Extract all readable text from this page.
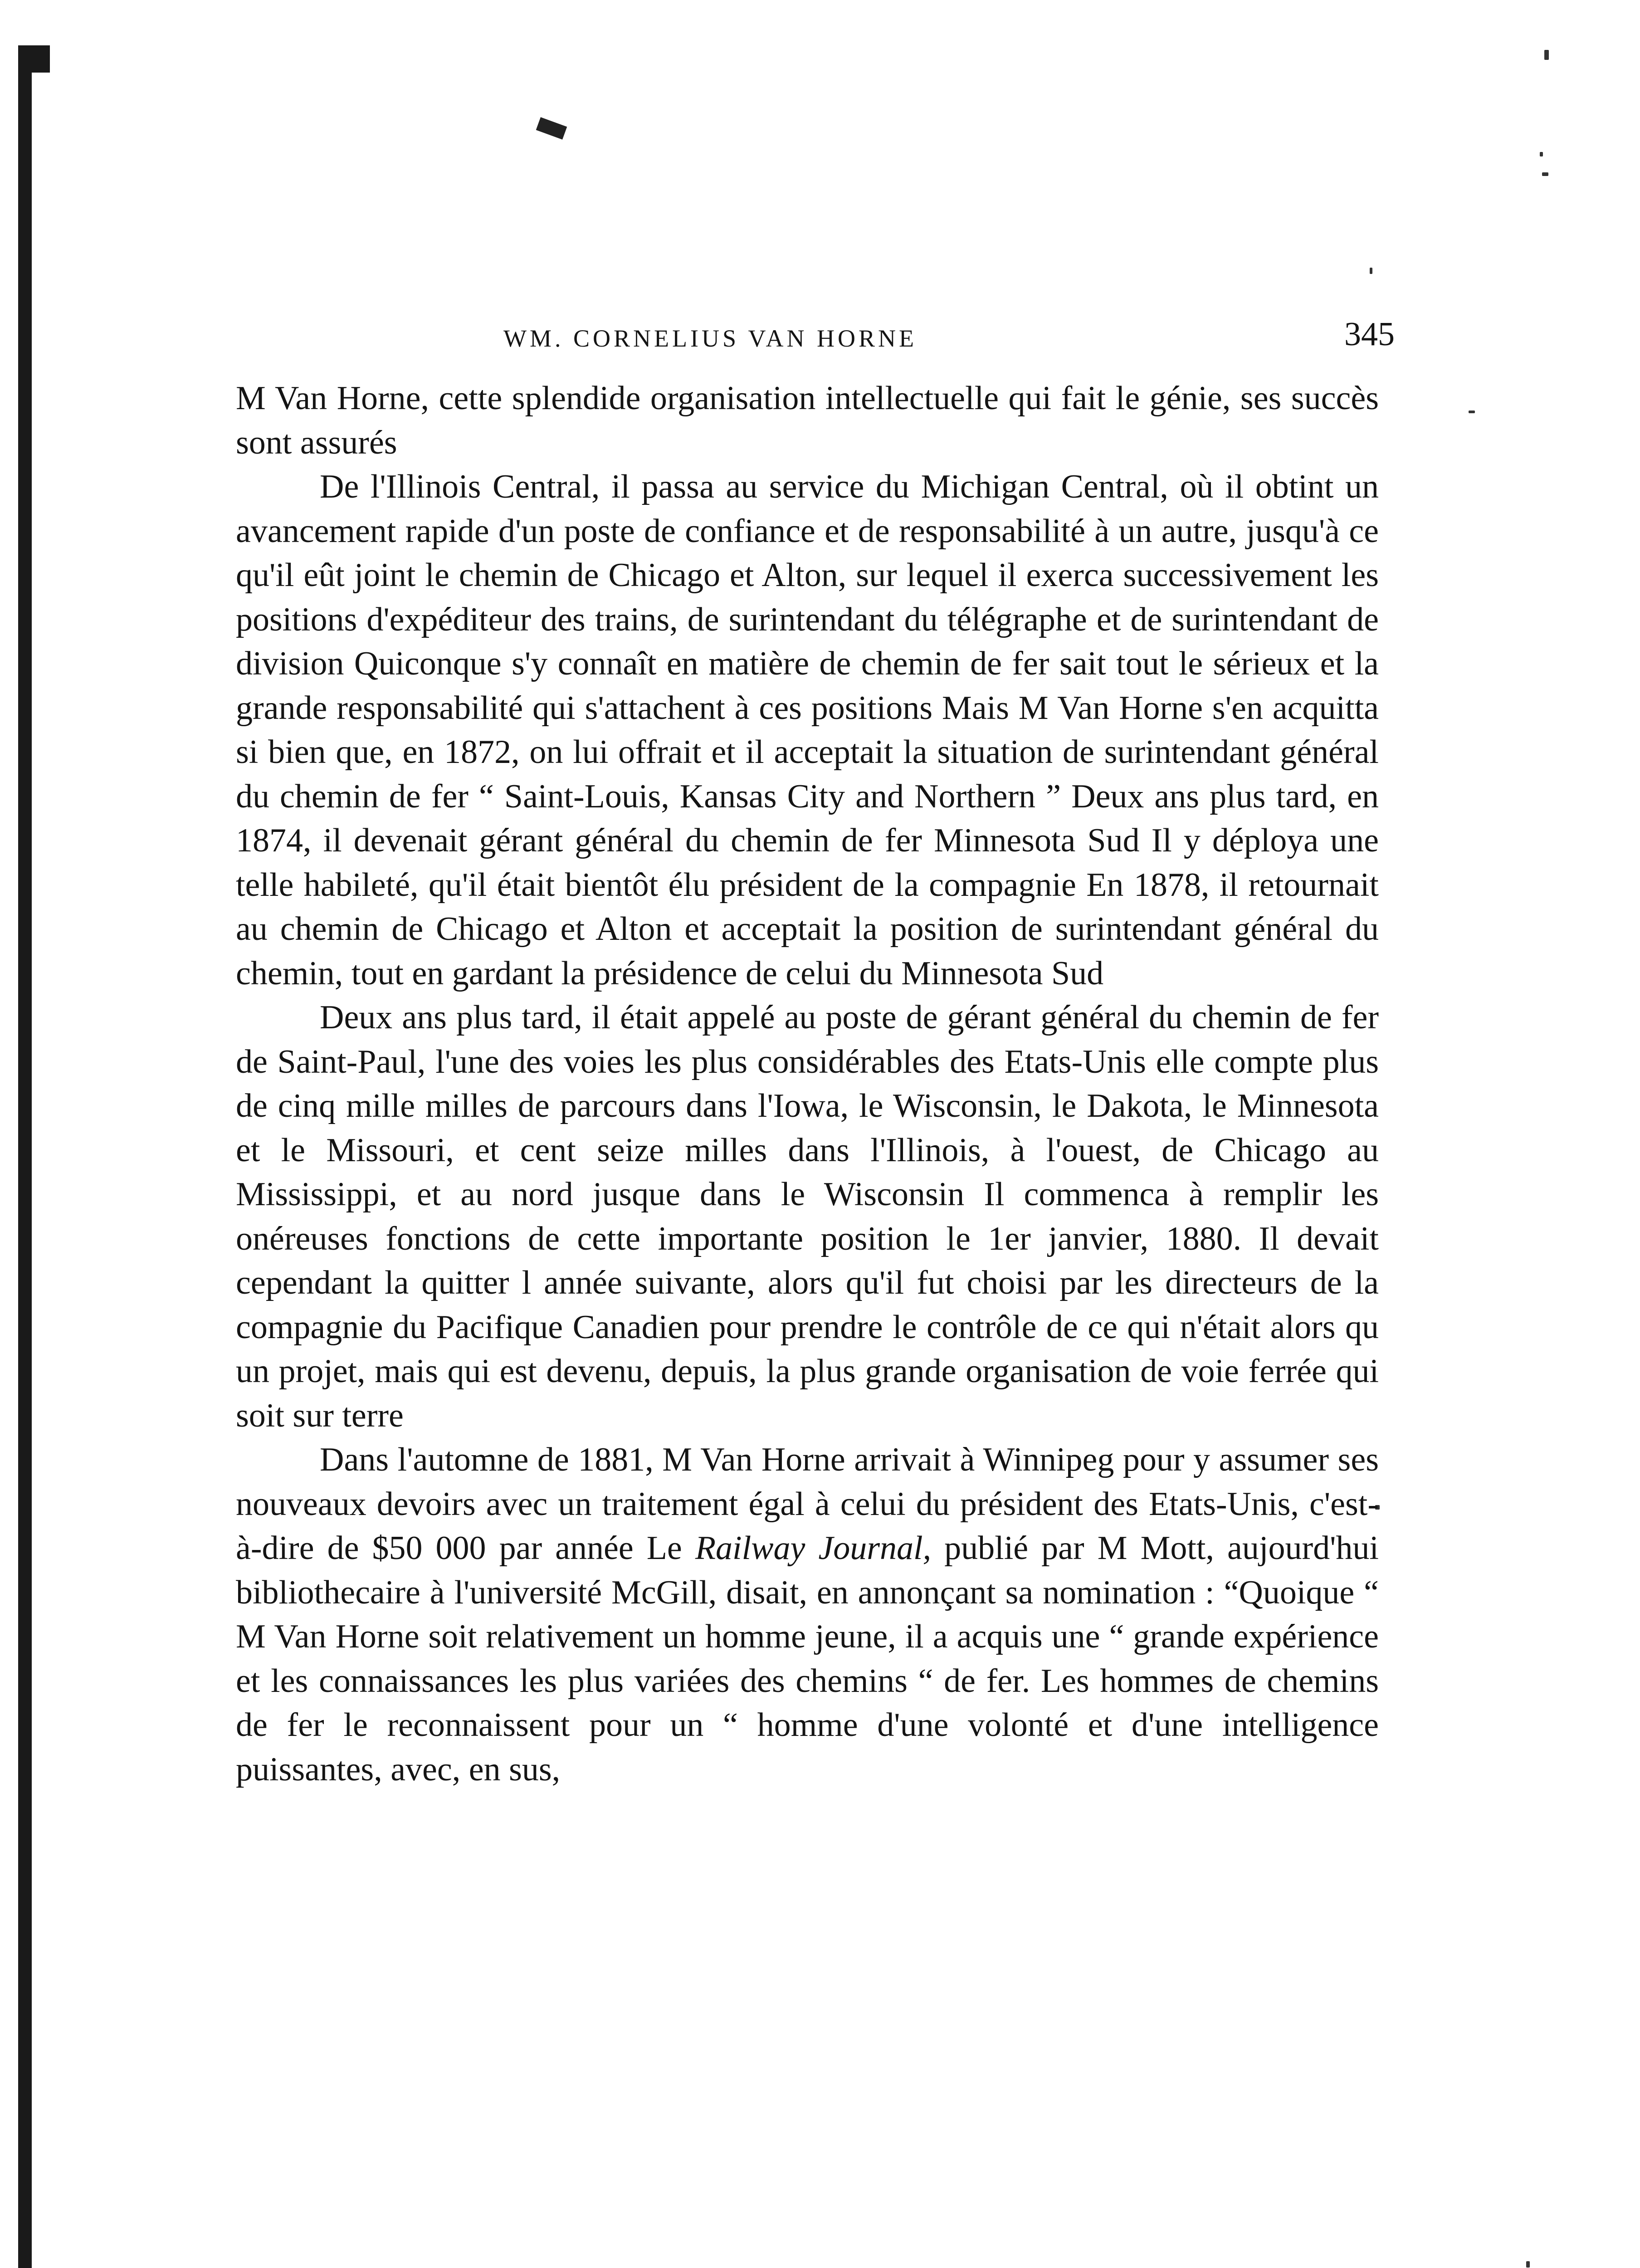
WM. CORNELIUS VAN HORNE	345

M Van Horne, cette splendide organisation intellectuelle qui fait le génie, ses succès sont assurés

De l'Illinois Central, il passa au service du Michigan Central, où il obtint un avancement rapide d'un poste de confiance et de responsabilité à un autre, jusqu'à ce qu'il eût joint le chemin de Chicago et Alton, sur lequel il exerca successivement les positions d'expéditeur des trains, de surintendant du télégraphe et de surintendant de division Quiconque s'y connaît en matière de chemin de fer sait tout le sérieux et la grande responsabilité qui s'attachent à ces positions Mais M Van Horne s'en acquitta si bien que, en 1872, on lui offrait et il acceptait la situation de surintendant général du chemin de fer “ Saint-Louis, Kansas City and Northern ” Deux ans plus tard, en 1874, il devenait gérant général du chemin de fer Minnesota Sud Il y déploya une telle habileté, qu'il était bientôt élu président de la compagnie En 1878, il retournait au chemin de Chicago et Alton et acceptait la position de surintendant général du chemin, tout en gardant la présidence de celui du Minnesota Sud

Deux ans plus tard, il était appelé au poste de gérant général du chemin de fer de Saint-Paul, l'une des voies les plus considérables des Etats-Unis elle compte plus de cinq mille milles de parcours dans l'Iowa, le Wisconsin, le Dakota, le Minnesota et le Missouri, et cent seize milles dans l'Illinois, à l'ouest, de Chicago au Mississippi, et au nord jusque dans le Wisconsin Il commenca à remplir les onéreuses fonctions de cette importante position le 1er janvier, 1880. Il devait cependant la quitter l année suivante, alors qu'il fut choisi par les directeurs de la compagnie du Pacifique Canadien pour prendre le contrôle de ce qui n'était alors qu un projet, mais qui est devenu, depuis, la plus grande organisation de voie ferrée qui soit sur terre

Dans l'automne de 1881, M Van Horne arrivait à Winnipeg pour y assumer ses nouveaux devoirs avec un traitement égal à celui du président des Etats-Unis, c'est-à-dire de $50 000 par année Le Railway Journal, publié par M Mott, aujourd'hui bibliothecaire à l'université McGill, disait, en annonçant sa nomination : “Quoique “ M Van Horne soit relativement un homme jeune, il a acquis une “ grande expérience et les connaissances les plus variées des chemins “ de fer. Les hommes de chemins de fer le reconnaissent pour un “ homme d'une volonté et d'une intelligence puissantes, avec, en sus,
